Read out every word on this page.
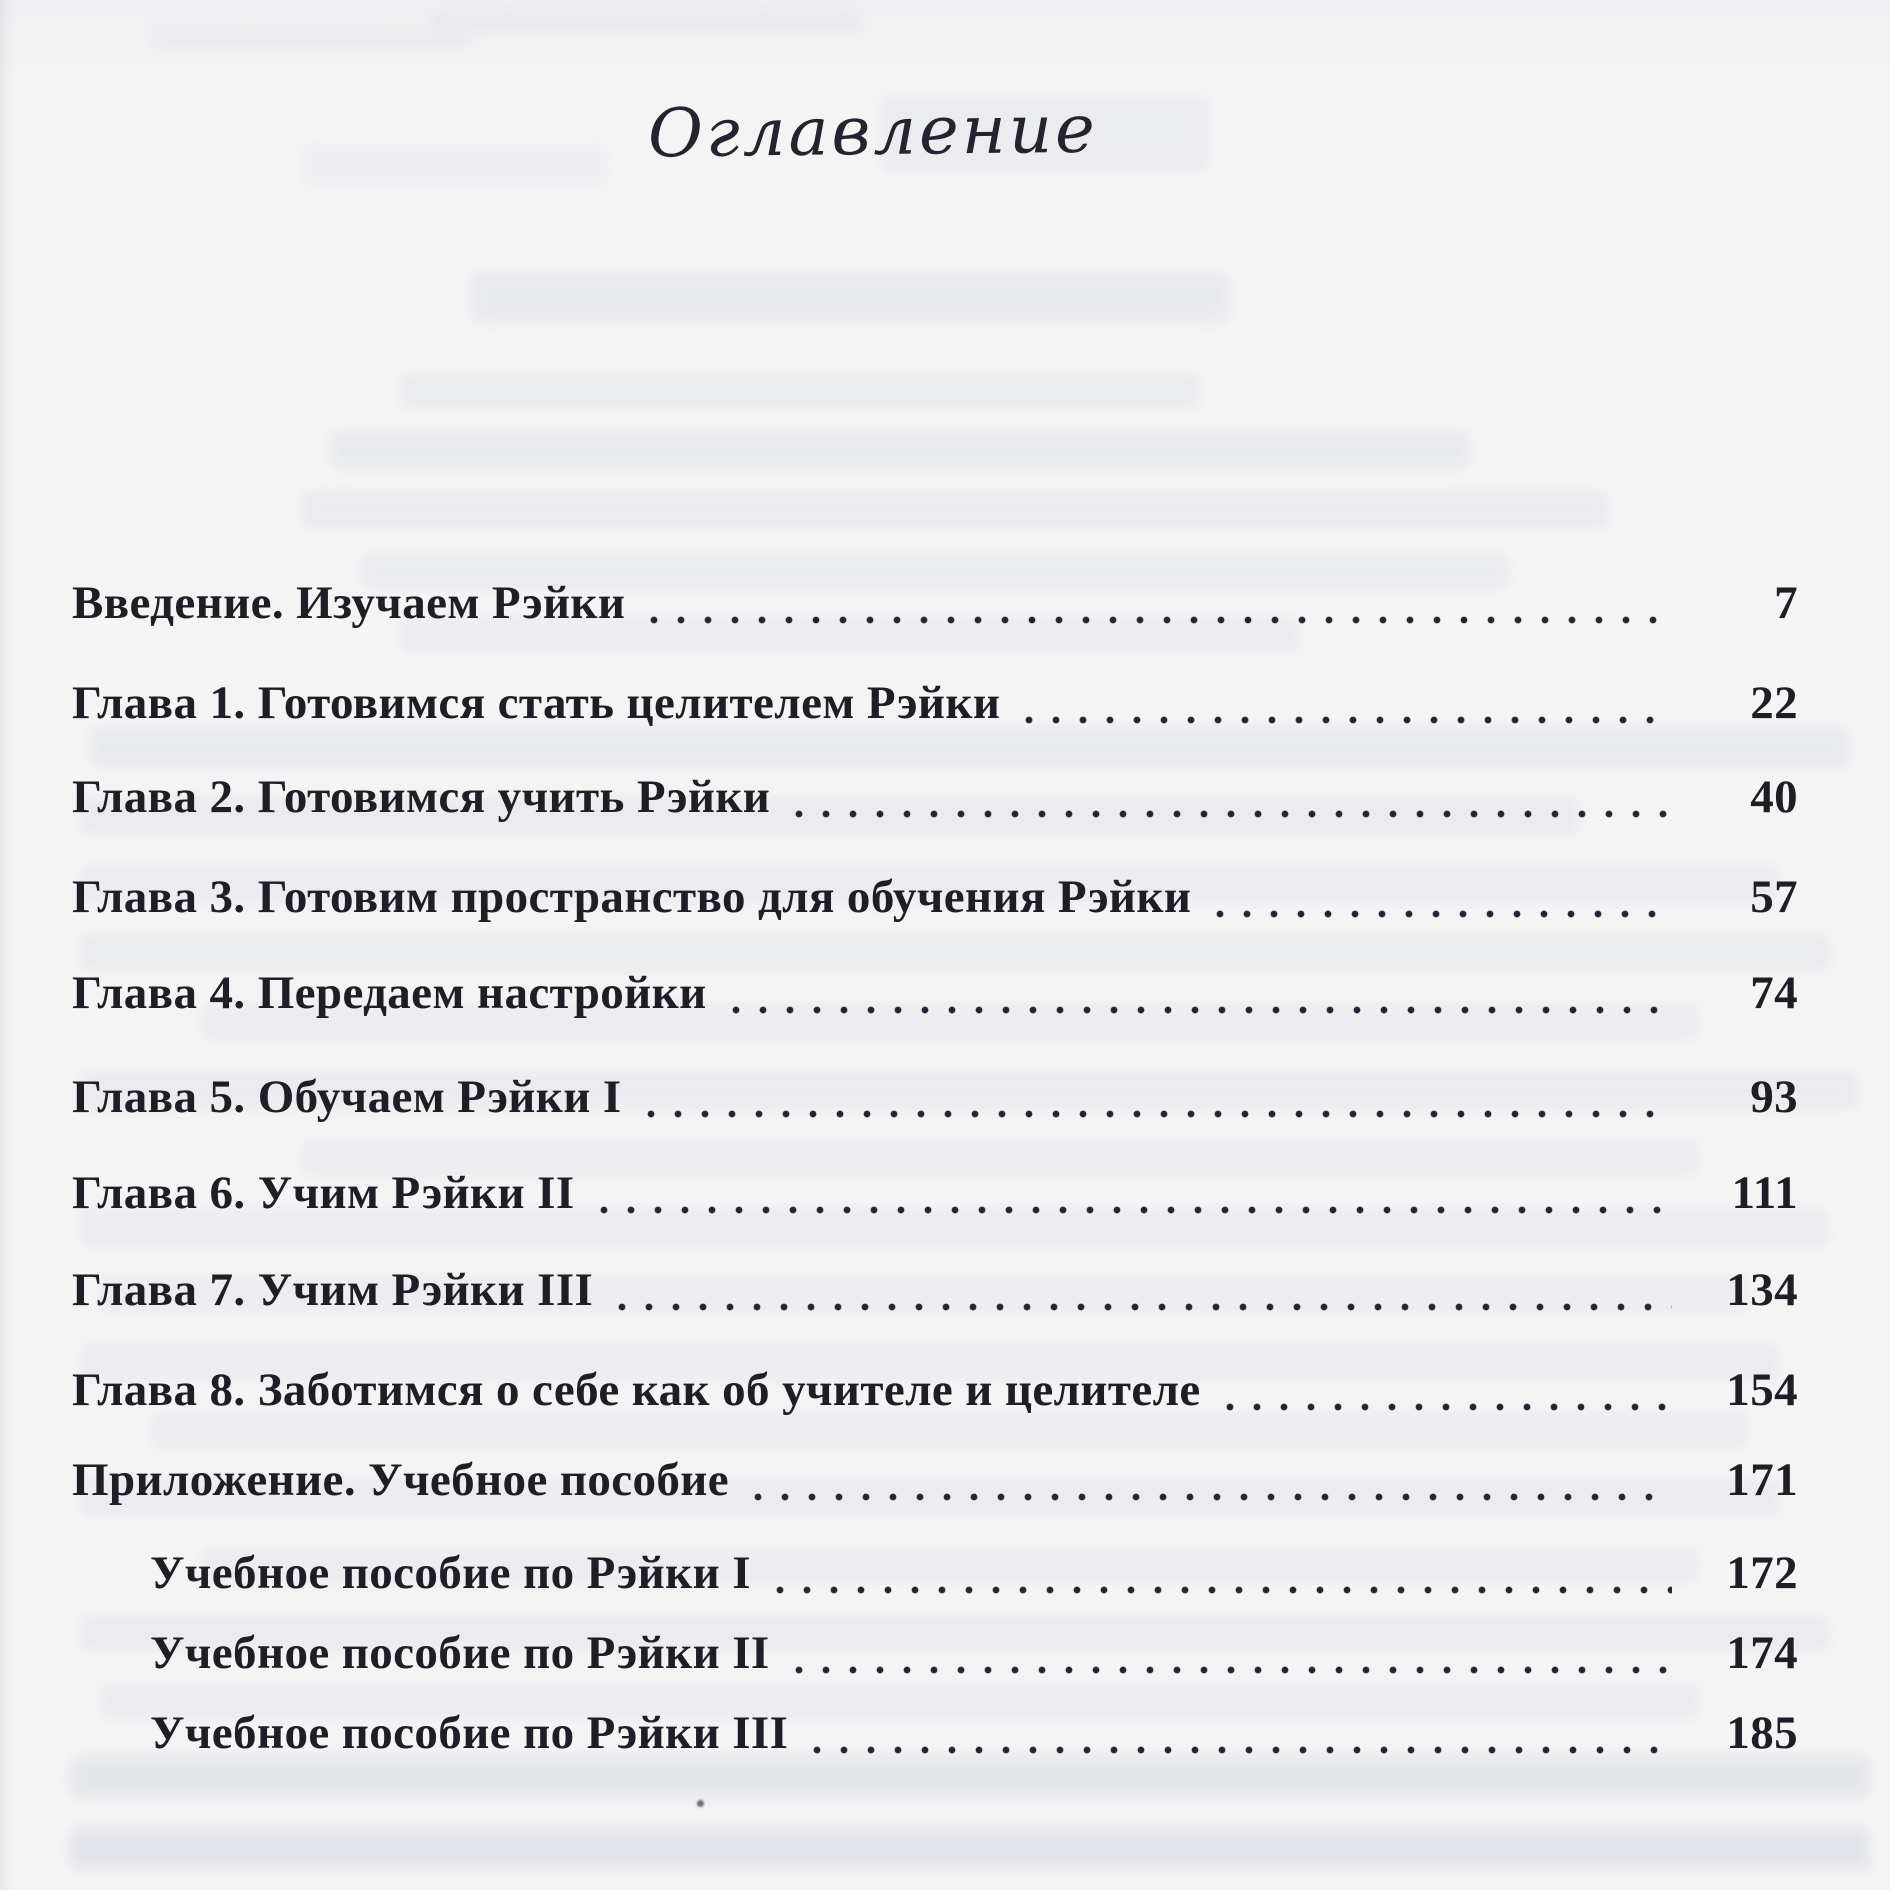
Оглавление
Введение. Изучаем Рэйки	7
Глава 1. Готовимся стать целителем Рэйки	22
Глава 2. Готовимся учить Рэйки	40
Глава 3. Готовим пространство для обучения Рэйки	57
Глава 4. Передаем настройки	74
Глава 5. Обучаем Рэйки I	93
Глава 6. Учим Рэйки II	111
Глава 7. Учим Рэйки III	134
Глава 8. Заботимся о себе как об учителе и целителе	154
Приложение. Учебное пособие	171
Учебное пособие по Рэйки I	172
Учебное пособие по Рэйки II	174
Учебное пособие по Рэйки III	185
